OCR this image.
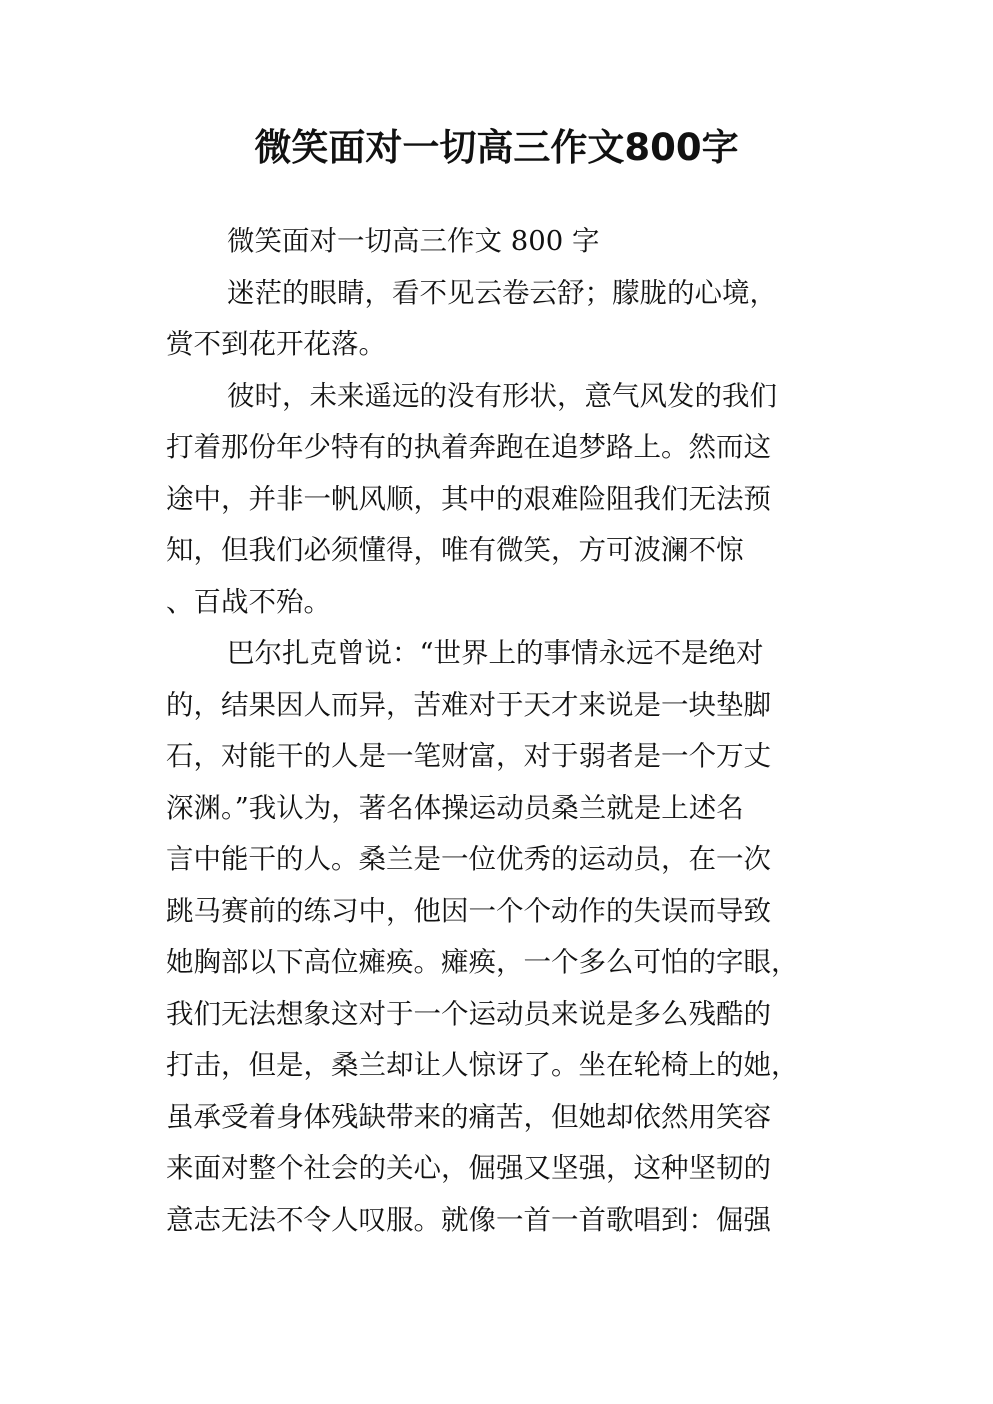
微笑面对一切高三作文800字
微笑面对一切高三作文 800 字
迷茫的眼睛，看不见云卷云舒；朦胧的心境，
赏不到花开花落。
彼时，未来遥远的没有形状，意气风发的我们
打着那份年少特有的执着奔跑在追梦路上。然而这
途中，并非一帆风顺，其中的艰难险阻我们无法预
知，但我们必须懂得，唯有微笑，方可波澜不惊
、百战不殆。
巴尔扎克曾说：“世界上的事情永远不是绝对
的，结果因人而异，苦难对于天才来说是一块垫脚
石，对能干的人是一笔财富，对于弱者是一个万丈
深渊。”我认为，著名体操运动员桑兰就是上述名
言中能干的人。桑兰是一位优秀的运动员，在一次
跳马赛前的练习中，他因一个个动作的失误而导致
她胸部以下高位瘫痪。瘫痪，一个多么可怕的字眼，
我们无法想象这对于一个运动员来说是多么残酷的
打击，但是，桑兰却让人惊讶了。坐在轮椅上的她，
虽承受着身体残缺带来的痛苦，但她却依然用笑容
来面对整个社会的关心，倔强又坚强，这种坚韧的
意志无法不令人叹服。就像一首一首歌唱到：倔强
